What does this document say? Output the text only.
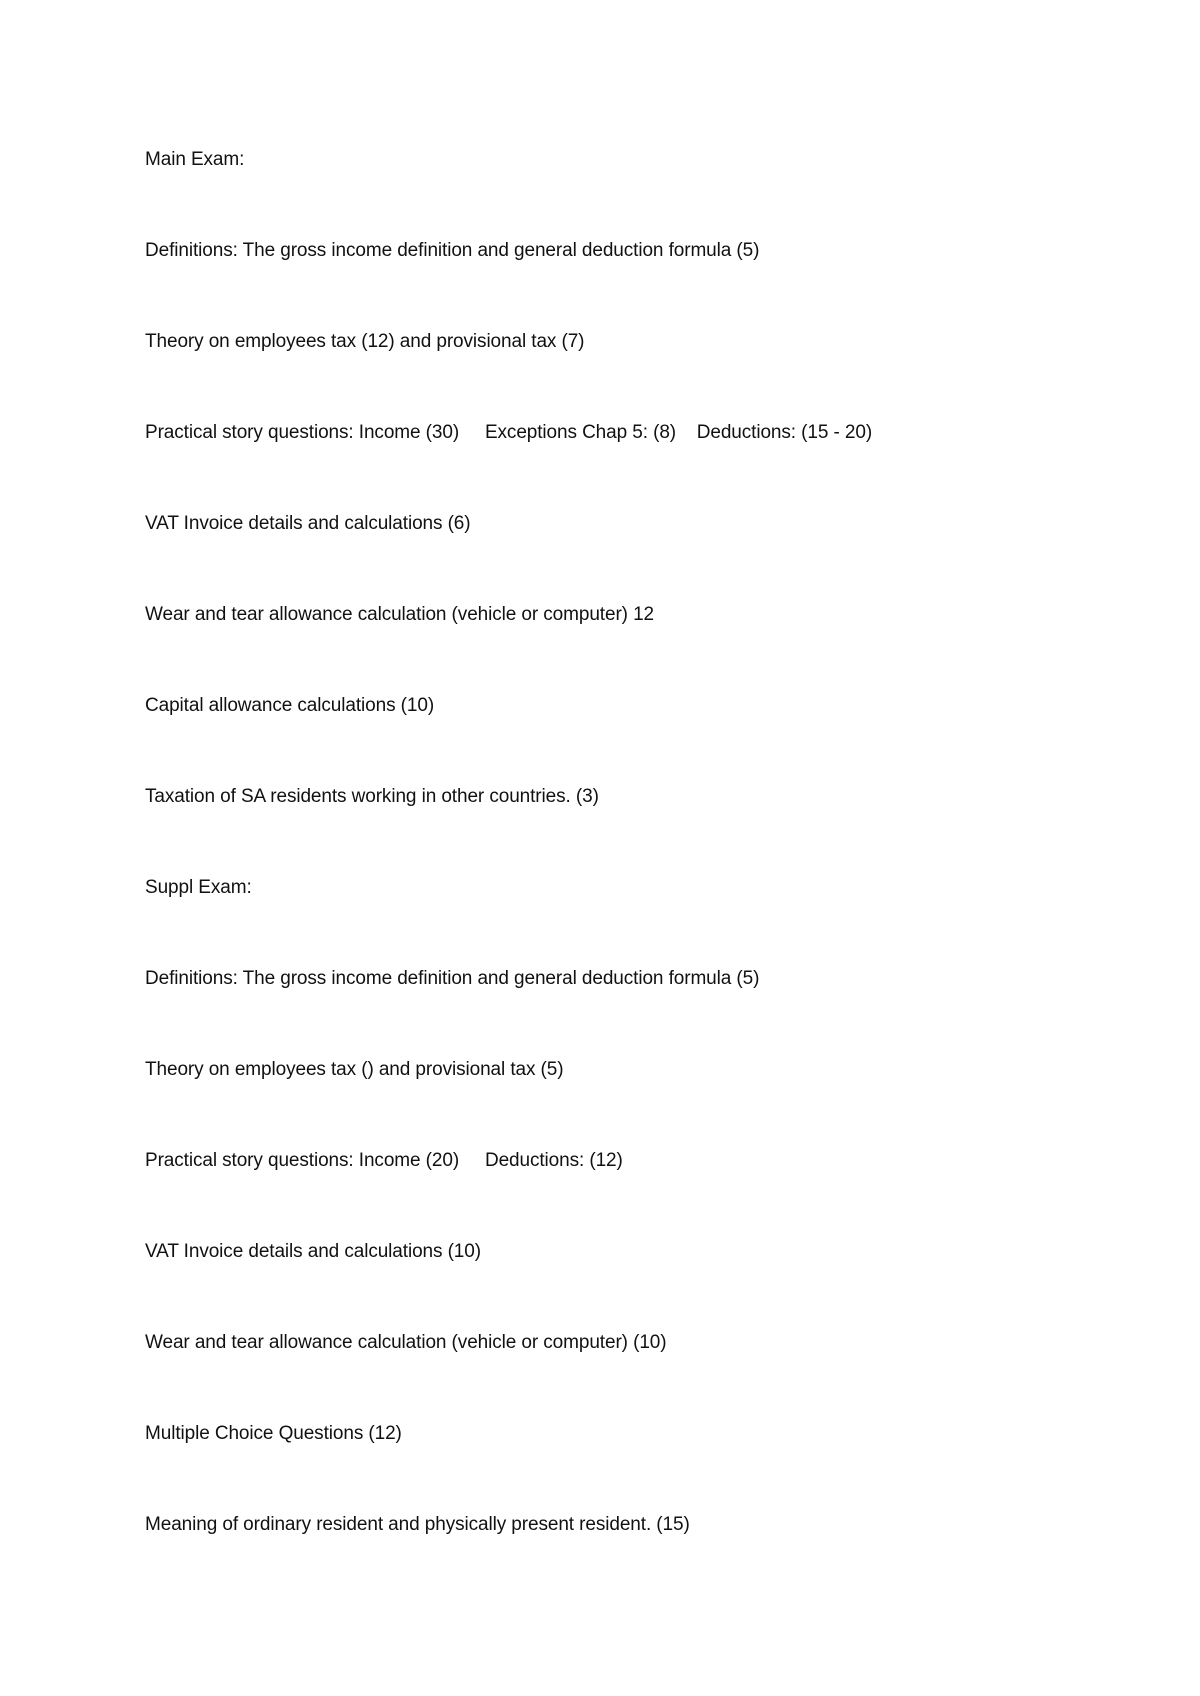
Main Exam:

Definitions: The gross income definition and general deduction formula (5)

Theory on employees tax (12) and provisional tax (7)

Practical story questions: Income (30)     Exceptions Chap 5: (8)    Deductions: (15 - 20)

VAT Invoice details and calculations (6)

Wear and tear allowance calculation (vehicle or computer) 12

Capital allowance calculations (10)

Taxation of SA residents working in other countries. (3)

Suppl Exam:

Definitions: The gross income definition and general deduction formula (5)

Theory on employees tax () and provisional tax (5)

Practical story questions: Income (20)     Deductions: (12)

VAT Invoice details and calculations (10)

Wear and tear allowance calculation (vehicle or computer) (10)

Multiple Choice Questions (12)

Meaning of ordinary resident and physically present resident. (15)
